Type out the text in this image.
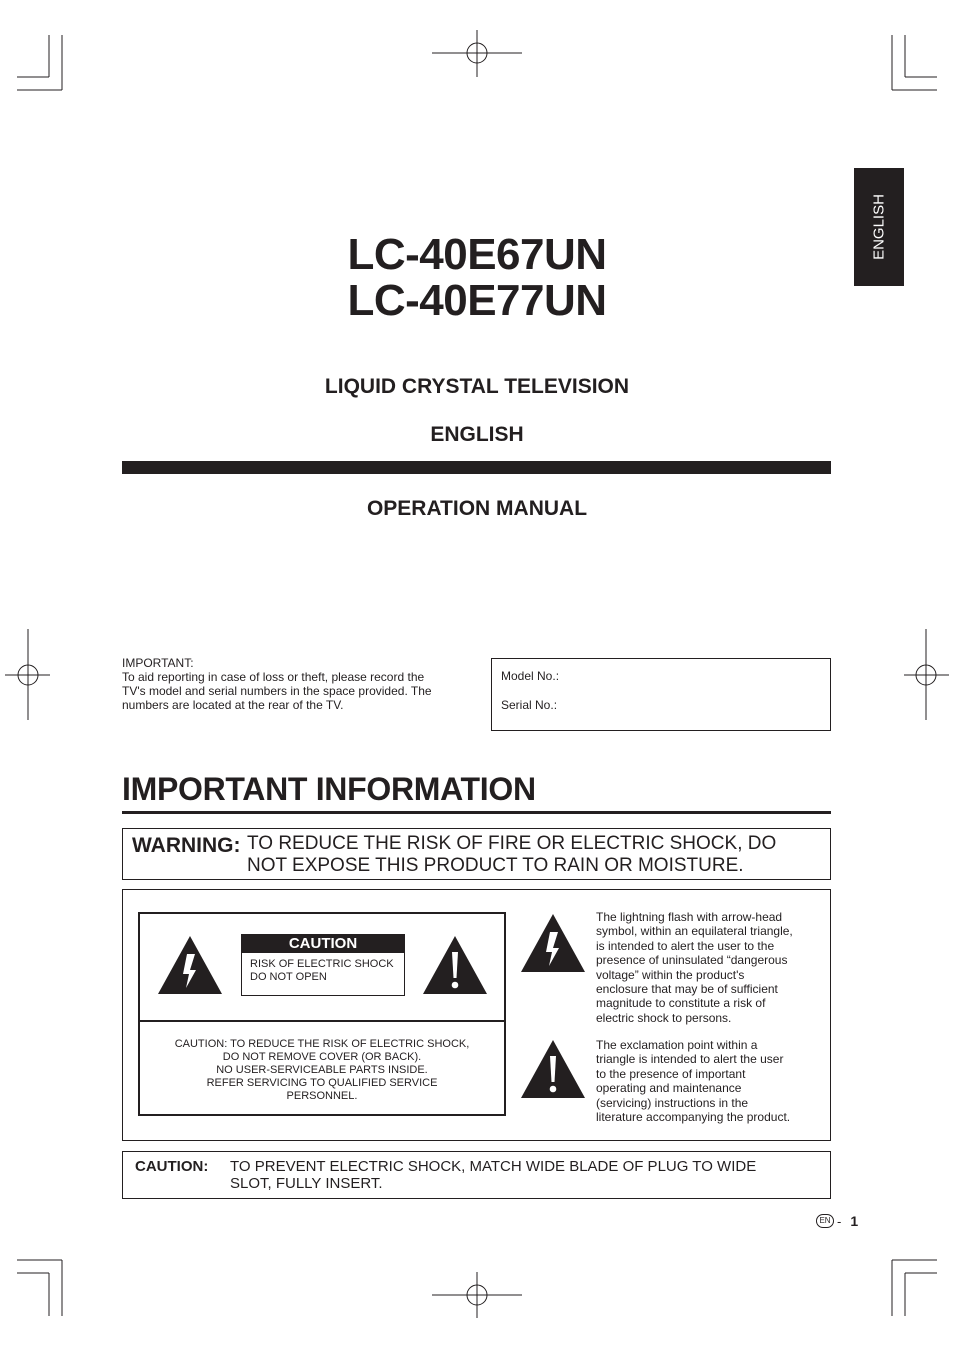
ENGLISH
LC-40E67UN
LC-40E77UN
LIQUID CRYSTAL TELEVISION
ENGLISH
OPERATION MANUAL
IMPORTANT:
To aid reporting in case of loss or theft, please record the
TV's model and serial numbers in the space provided. The
numbers are located at the rear of the TV.
Model No.:
Serial No.:
IMPORTANT INFORMATION
WARNING: TO REDUCE THE RISK OF FIRE OR ELECTRIC SHOCK, DO
NOT EXPOSE THIS PRODUCT TO RAIN OR MOISTURE.
CAUTION
RISK OF ELECTRIC SHOCK
DO NOT OPEN
CAUTION: TO REDUCE THE RISK OF ELECTRIC SHOCK,
DO NOT REMOVE COVER (OR BACK).
NO USER-SERVICEABLE PARTS INSIDE.
REFER SERVICING TO QUALIFIED SERVICE
PERSONNEL.
The lightning flash with arrow-head
symbol, within an equilateral triangle,
is intended to alert the user to the
presence of uninsulated “dangerous
voltage” within the product's
enclosure that may be of sufficient
magnitude to constitute a risk of
electric shock to persons.
The exclamation point within a
triangle is intended to alert the user
to the presence of important
operating and maintenance
(servicing) instructions in the
literature accompanying the product.
CAUTION: TO PREVENT ELECTRIC SHOCK, MATCH WIDE BLADE OF PLUG TO WIDE
SLOT, FULLY INSERT.
EN - 1
